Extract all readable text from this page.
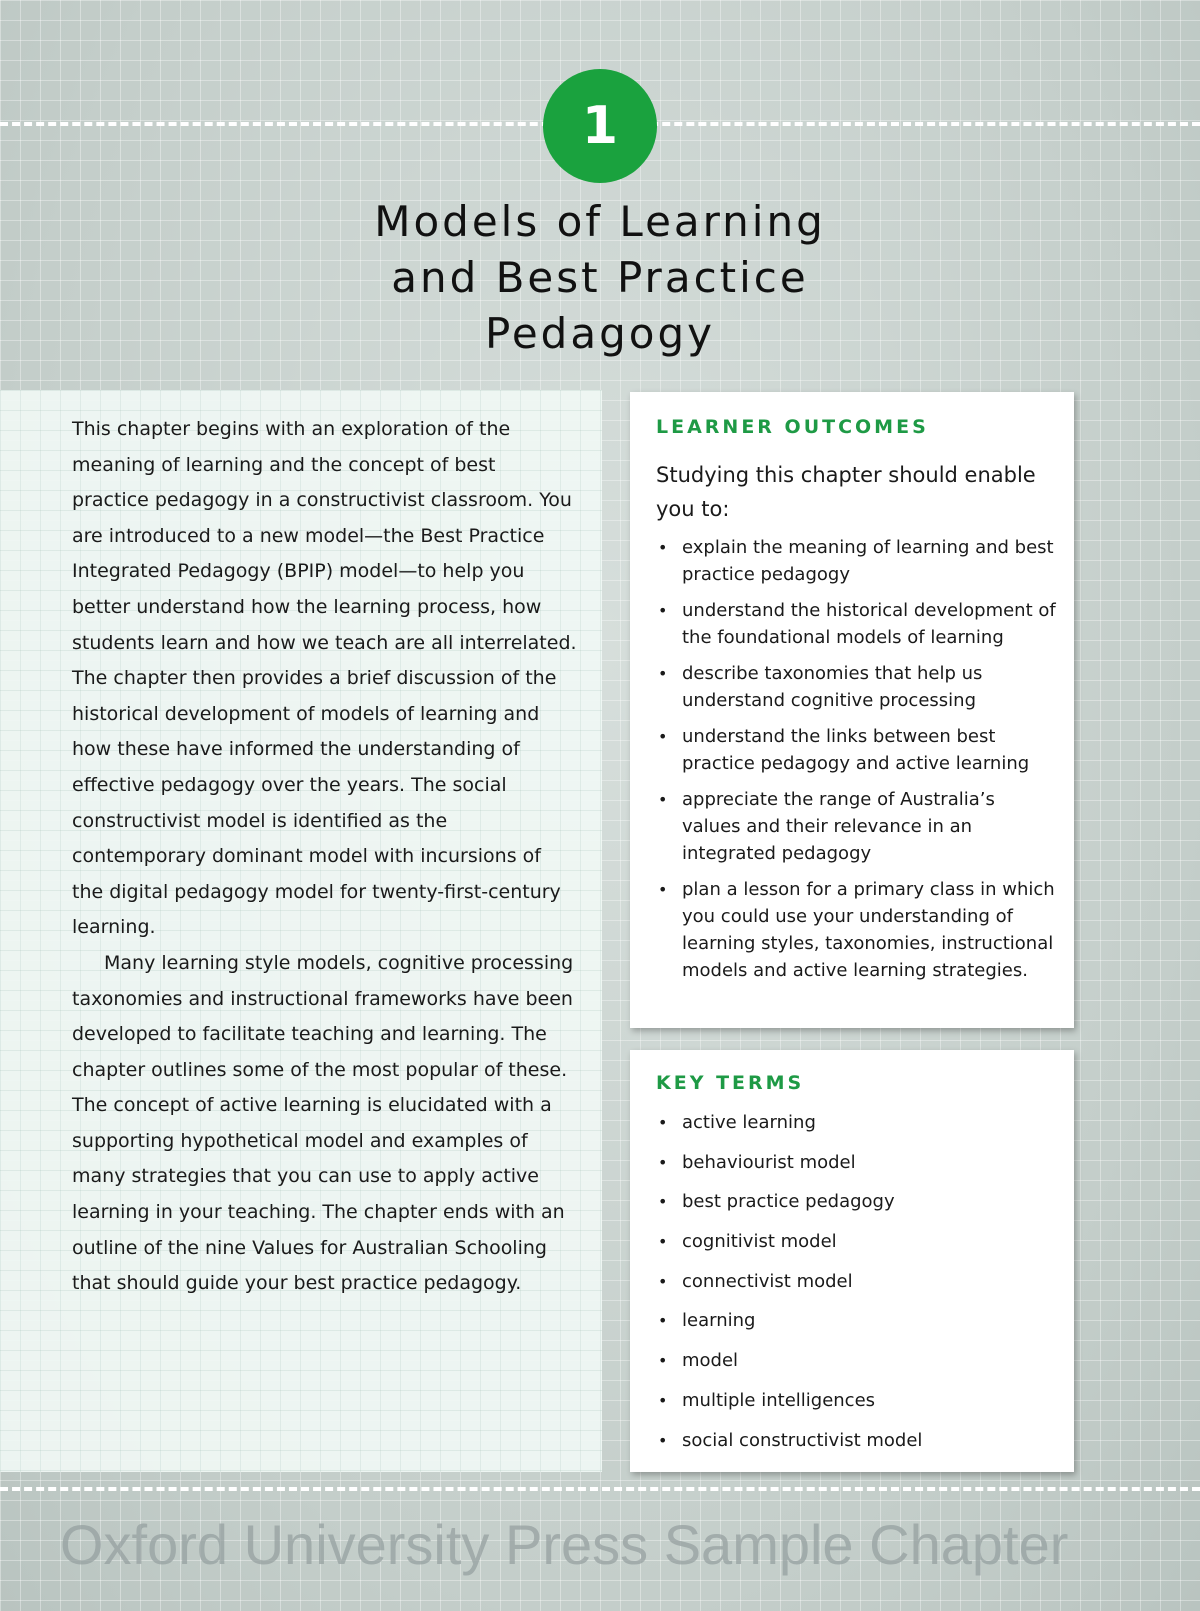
1
Models of Learning
and Best Practice
Pedagogy

This chapter begins with an exploration of the meaning of learning and the concept of best practice pedagogy in a constructivist classroom. You are introduced to a new model—the Best Practice Integrated Pedagogy (BPIP) model—to help you better understand how the learning process, how students learn and how we teach are all interrelated. The chapter then provides a brief discussion of the historical development of models of learning and how these have informed the understanding of effective pedagogy over the years. The social constructivist model is identified as the contemporary dominant model with incursions of the digital pedagogy model for twenty-first-century learning.

Many learning style models, cognitive processing taxonomies and instructional frameworks have been developed to facilitate teaching and learning. The chapter outlines some of the most popular of these. The concept of active learning is elucidated with a supporting hypothetical model and examples of many strategies that you can use to apply active learning in your teaching. The chapter ends with an outline of the nine Values for Australian Schooling that should guide your best practice pedagogy.

LEARNER OUTCOMES

Studying this chapter should enable you to:

• explain the meaning of learning and best practice pedagogy
• understand the historical development of the foundational models of learning
• describe taxonomies that help us understand cognitive processing
• understand the links between best practice pedagogy and active learning
• appreciate the range of Australia’s values and their relevance in an integrated pedagogy
• plan a lesson for a primary class in which you could use your understanding of learning styles, taxonomies, instructional models and active learning strategies.
KEY TERMS
• active learning
• behaviourist model
• best practice pedagogy
• cognitivist model
• connectivist model
• learning
• model
• multiple intelligences
• social constructivist model
Oxford University Press Sample Chapter
